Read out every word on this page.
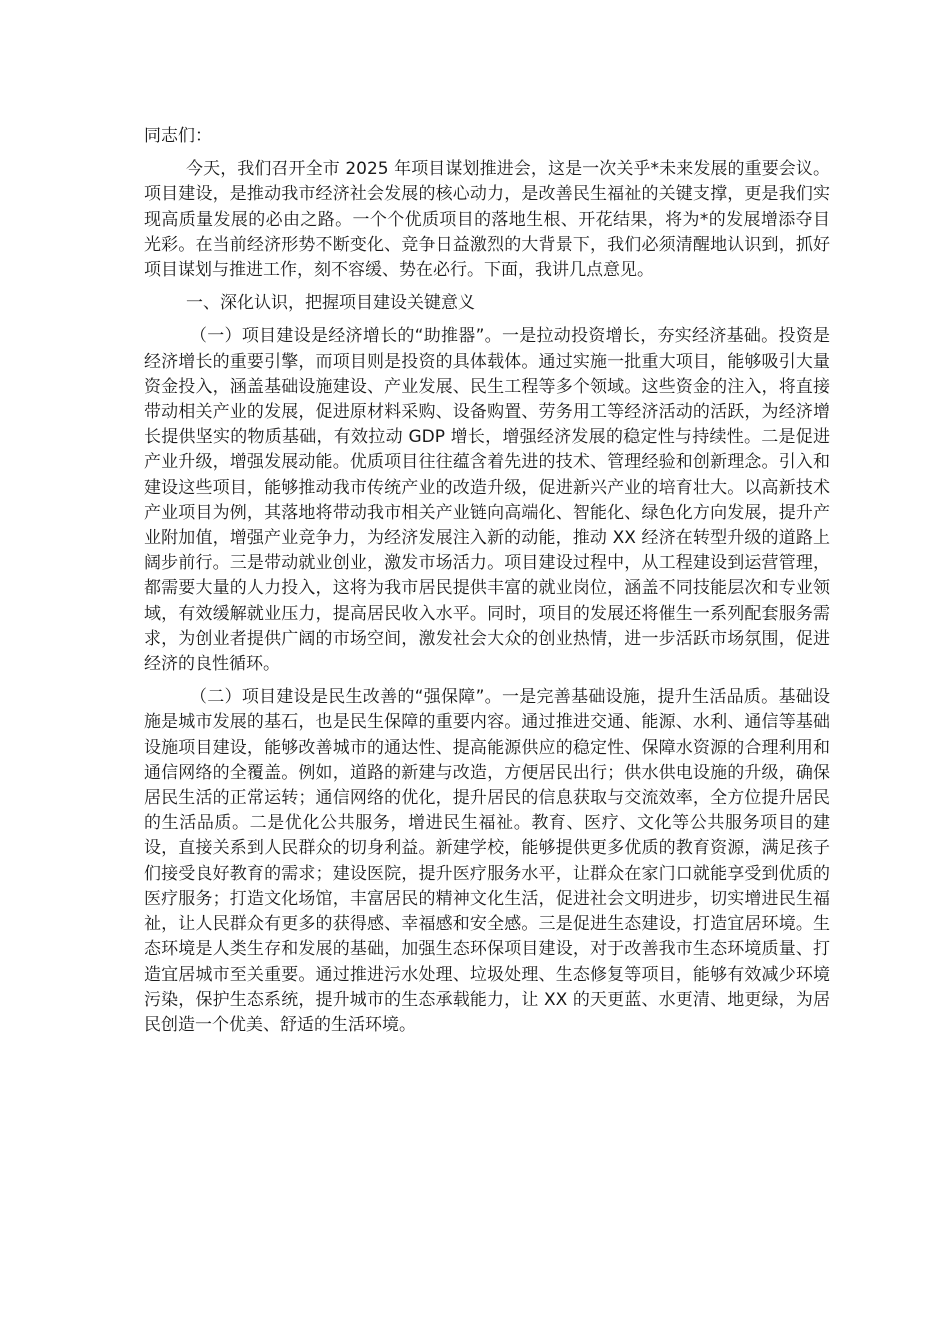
同志们：

今天，我们召开全市 2025 年项目谋划推进会，这是一次关乎*未来发展的重要会议。项目建设，是推动我市经济社会发展的核心动力，是改善民生福祉的关键支撑，更是我们实现高质量发展的必由之路。一个个优质项目的落地生根、开花结果，将为*的发展增添夺目光彩。在当前经济形势不断变化、竞争日益激烈的大背景下，我们必须清醒地认识到，抓好项目谋划与推进工作，刻不容缓、势在必行。下面，我讲几点意见。

一、深化认识，把握项目建设关键意义

（一）项目建设是经济增长的“助推器”。一是拉动投资增长，夯实经济基础。投资是经济增长的重要引擎，而项目则是投资的具体载体。通过实施一批重大项目，能够吸引大量资金投入，涵盖基础设施建设、产业发展、民生工程等多个领域。这些资金的注入，将直接带动相关产业的发展，促进原材料采购、设备购置、劳务用工等经济活动的活跃，为经济增长提供坚实的物质基础，有效拉动 GDP 增长，增强经济发展的稳定性与持续性。二是促进产业升级，增强发展动能。优质项目往往蕴含着先进的技术、管理经验和创新理念。引入和建设这些项目，能够推动我市传统产业的改造升级，促进新兴产业的培育壮大。以高新技术产业项目为例，其落地将带动我市相关产业链向高端化、智能化、绿色化方向发展，提升产业附加值，增强产业竞争力，为经济发展注入新的动能，推动 XX 经济在转型升级的道路上阔步前行。三是带动就业创业，激发市场活力。项目建设过程中，从工程建设到运营管理，都需要大量的人力投入，这将为我市居民提供丰富的就业岗位，涵盖不同技能层次和专业领域，有效缓解就业压力，提高居民收入水平。同时，项目的发展还将催生一系列配套服务需求，为创业者提供广阔的市场空间，激发社会大众的创业热情，进一步活跃市场氛围，促进经济的良性循环。

（二）项目建设是民生改善的“强保障”。一是完善基础设施，提升生活品质。基础设施是城市发展的基石，也是民生保障的重要内容。通过推进交通、能源、水利、通信等基础设施项目建设，能够改善城市的通达性、提高能源供应的稳定性、保障水资源的合理利用和通信网络的全覆盖。例如，道路的新建与改造，方便居民出行；供水供电设施的升级，确保居民生活的正常运转；通信网络的优化，提升居民的信息获取与交流效率，全方位提升居民的生活品质。二是优化公共服务，增进民生福祉。教育、医疗、文化等公共服务项目的建设，直接关系到人民群众的切身利益。新建学校，能够提供更多优质的教育资源，满足孩子们接受良好教育的需求；建设医院，提升医疗服务水平，让群众在家门口就能享受到优质的医疗服务；打造文化场馆，丰富居民的精神文化生活，促进社会文明进步，切实增进民生福祉，让人民群众有更多的获得感、幸福感和安全感。三是促进生态建设，打造宜居环境。生态环境是人类生存和发展的基础，加强生态环保项目建设，对于改善我市生态环境质量、打造宜居城市至关重要。通过推进污水处理、垃圾处理、生态修复等项目，能够有效减少环境污染，保护生态系统，提升城市的生态承载能力，让 XX 的天更蓝、水更清、地更绿，为居民创造一个优美、舒适的生活环境。
